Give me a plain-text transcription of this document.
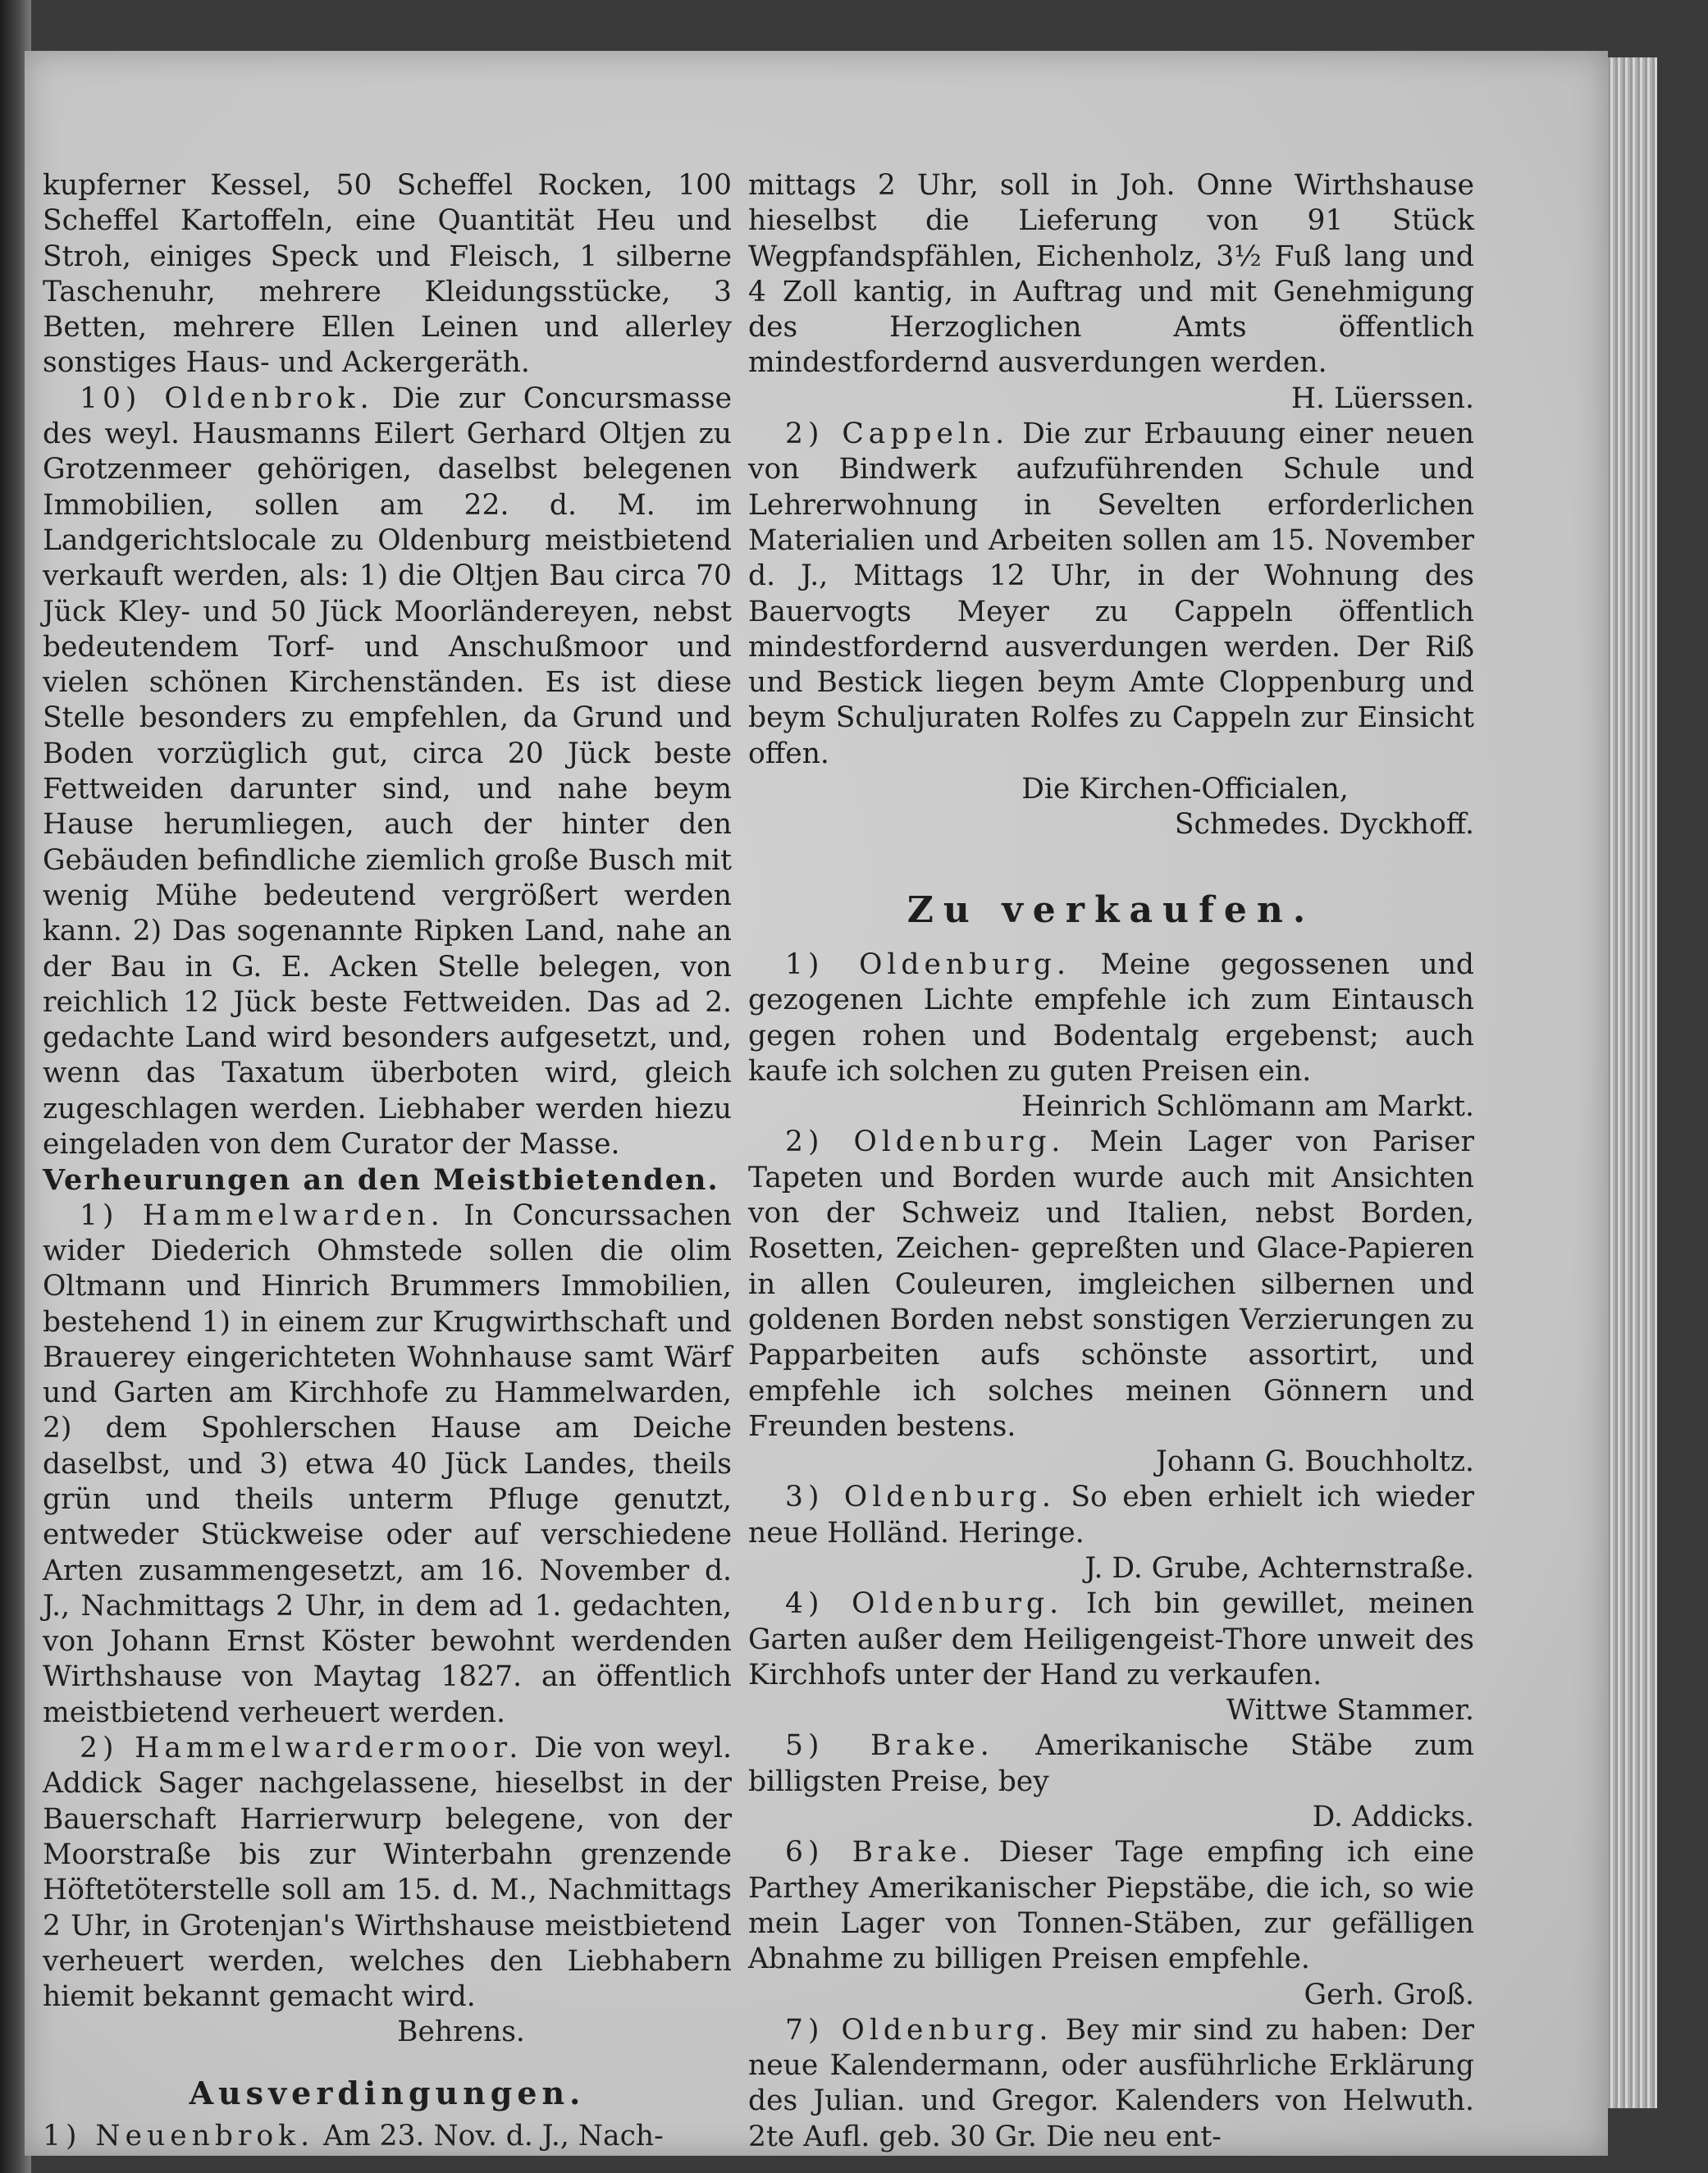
kupferner Kessel, 50 Scheffel Rocken, 100 Scheffel Kartoffeln, eine Quantität Heu und Stroh, einiges Speck und Fleisch, 1 silberne Taschenuhr, mehrere Kleidungsstücke, 3 Betten, mehrere Ellen Leinen und allerley sonstiges Haus- und Ackergeräth.

10) Oldenbrok. Die zur Concursmasse des weyl. Hausmanns Eilert Gerhard Oltjen zu Grotzenmeer gehörigen, daselbst belegenen Immobilien, sollen am 22. d. M. im Landgerichtslocale zu Oldenburg meistbietend verkauft werden, als: 1) die Oltjen Bau circa 70 Jück Kley- und 50 Jück Moorländereyen, nebst bedeutendem Torf- und Anschußmoor und vielen schönen Kirchenständen. Es ist diese Stelle besonders zu empfehlen, da Grund und Boden vorzüglich gut, circa 20 Jück beste Fettweiden darunter sind, und nahe beym Hause herumliegen, auch der hinter den Gebäuden befindliche ziemlich große Busch mit wenig Mühe bedeutend vergrößert werden kann. 2) Das sogenannte Ripken Land, nahe an der Bau in G. E. Acken Stelle belegen, von reichlich 12 Jück beste Fettweiden. Das ad 2. gedachte Land wird besonders aufgesetzt, und, wenn das Taxatum überboten wird, gleich zugeschlagen werden. Liebhaber werden hiezu eingeladen von dem Curator der Masse.

Verheurungen an den Meistbietenden.

1) Hammelwarden. In Concurssachen wider Diederich Ohmstede sollen die olim Oltmann und Hinrich Brummers Immobilien, bestehend 1) in einem zur Krugwirthschaft und Brauerey eingerichteten Wohnhause samt Wärf und Garten am Kirchhofe zu Hammelwarden, 2) dem Spohlerschen Hause am Deiche daselbst, und 3) etwa 40 Jück Landes, theils grün und theils unterm Pfluge genutzt, entweder Stückweise oder auf verschiedene Arten zusammengesetzt, am 16. November d. J., Nachmittags 2 Uhr, in dem ad 1. gedachten, von Johann Ernst Köster bewohnt werdenden Wirthshause von Maytag 1827. an öffentlich meistbietend verheuert werden.

2) Hammelwardermoor. Die von weyl. Addick Sager nachgelassene, hieselbst in der Bauerschaft Harrierwurp belegene, von der Moorstraße bis zur Winterbahn grenzende Höftetöterstelle soll am 15. d. M., Nachmittags 2 Uhr, in Grotenjan's Wirthshause meistbietend verheuert werden, welches den Liebhabern hiemit bekannt gemacht wird.

Behrens.

Ausverdingungen.

1) Neuenbrok. Am 23. Nov. d. J., Nach-

mittags 2 Uhr, soll in Joh. Onne Wirthshause hieselbst die Lieferung von 91 Stück Wegpfandspfählen, Eichenholz, 3½ Fuß lang und 4 Zoll kantig, in Auftrag und mit Genehmigung des Herzoglichen Amts öffentlich mindestfordernd ausverdungen werden.

H. Lüerssen.

2) Cappeln. Die zur Erbauung einer neuen von Bindwerk aufzuführenden Schule und Lehrerwohnung in Sevelten erforderlichen Materialien und Arbeiten sollen am 15. November d. J., Mittags 12 Uhr, in der Wohnung des Bauervogts Meyer zu Cappeln öffentlich mindestfordernd ausverdungen werden. Der Riß und Bestick liegen beym Amte Cloppenburg und beym Schuljuraten Rolfes zu Cappeln zur Einsicht offen.

Die Kirchen-Officialen,

Schmedes. Dyckhoff.

Zu verkaufen.

1) Oldenburg. Meine gegossenen und gezogenen Lichte empfehle ich zum Eintausch gegen rohen und Bodentalg ergebenst; auch kaufe ich solchen zu guten Preisen ein.

Heinrich Schlömann am Markt.

2) Oldenburg. Mein Lager von Pariser Tapeten und Borden wurde auch mit Ansichten von der Schweiz und Italien, nebst Borden, Rosetten, Zeichen- gepreßten und Glace-Papieren in allen Couleuren, imgleichen silbernen und goldenen Borden nebst sonstigen Verzierungen zu Papparbeiten aufs schönste assortirt, und empfehle ich solches meinen Gönnern und Freunden bestens.

Johann G. Bouchholtz.

3) Oldenburg. So eben erhielt ich wieder neue Holländ. Heringe.

J. D. Grube, Achternstraße.

4) Oldenburg. Ich bin gewillet, meinen Garten außer dem Heiligengeist-Thore unweit des Kirchhofs unter der Hand zu verkaufen.

Wittwe Stammer.

5) Brake. Amerikanische Stäbe zum billigsten Preise, bey

D. Addicks.

6) Brake. Dieser Tage empfing ich eine Parthey Amerikanischer Piepstäbe, die ich, so wie mein Lager von Tonnen-Stäben, zur gefälligen Abnahme zu billigen Preisen empfehle.

Gerh. Groß.

7) Oldenburg. Bey mir sind zu haben: Der neue Kalendermann, oder ausführliche Erklärung des Julian. und Gregor. Kalenders von Helwuth. 2te Aufl. geb. 30 Gr. Die neu ent-
